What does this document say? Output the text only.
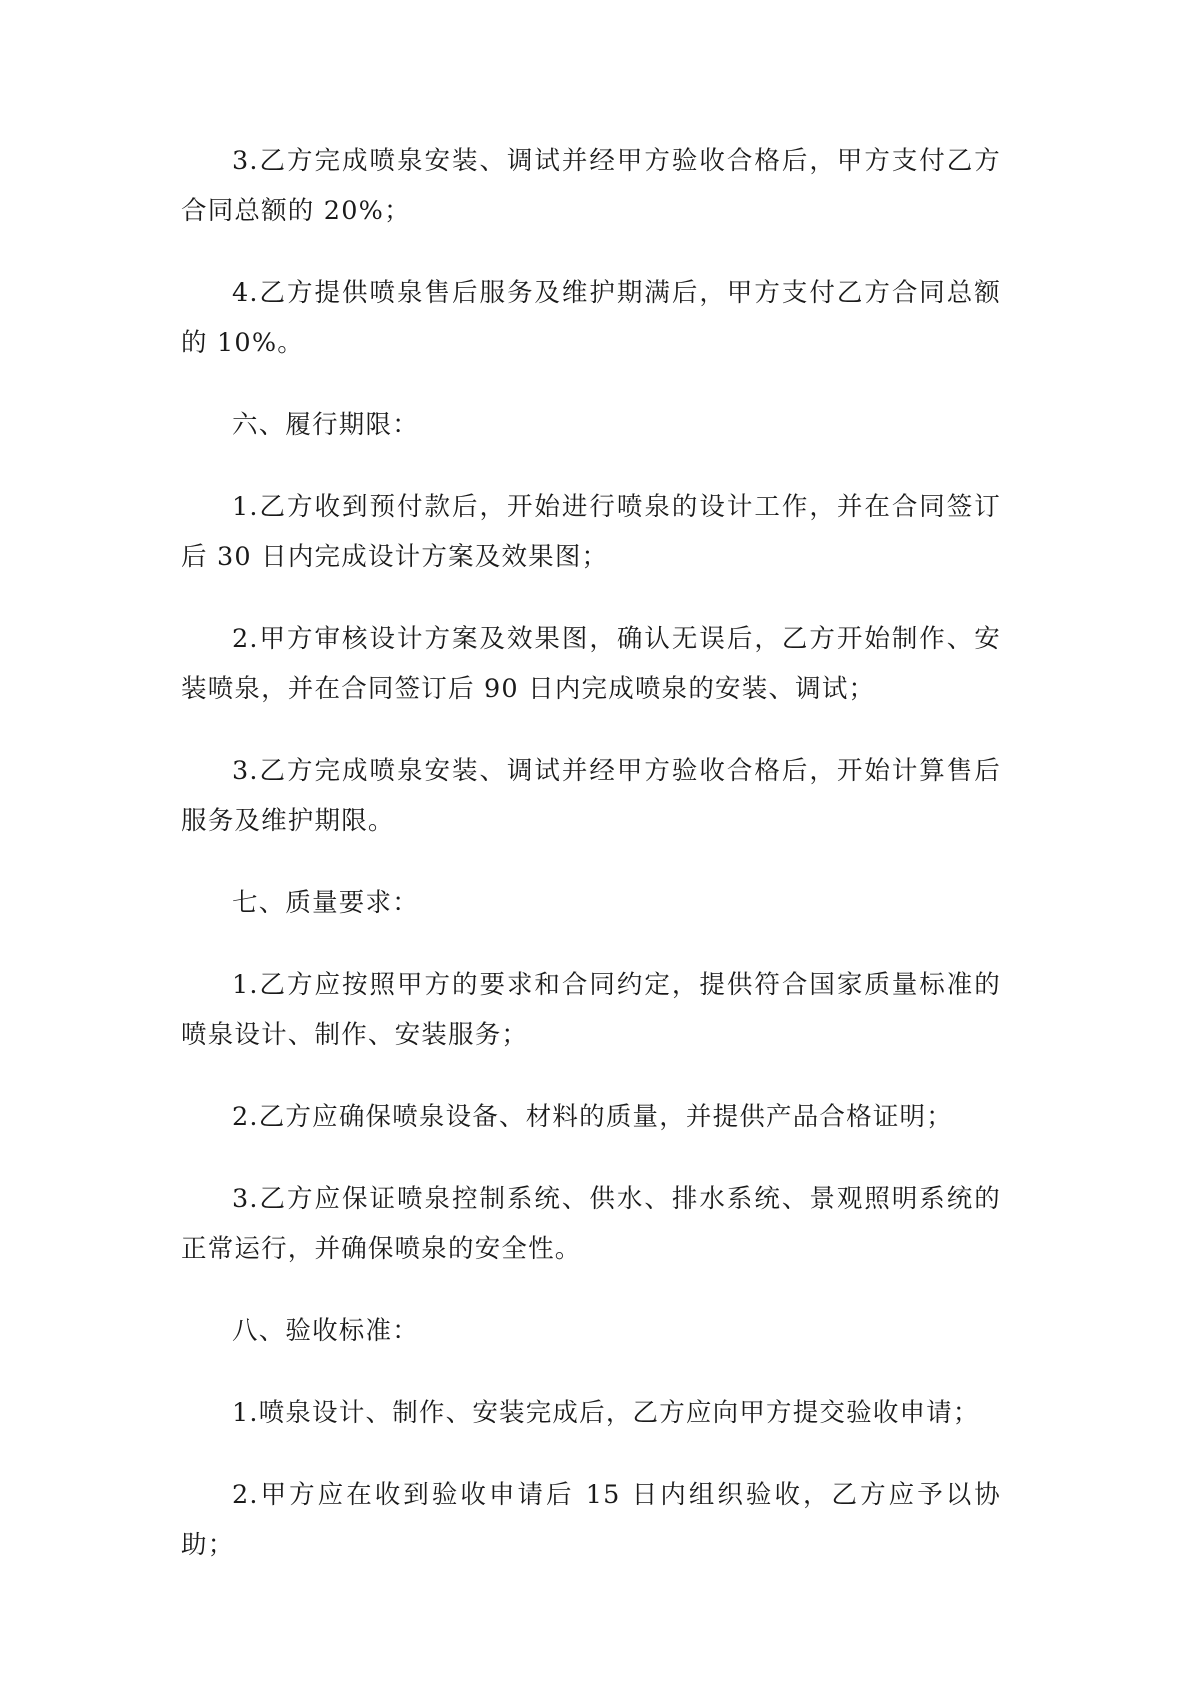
3.乙方完成喷泉安装、调试并经甲方验收合格后，甲方支付乙方合同总额的 20%；

4.乙方提供喷泉售后服务及维护期满后，甲方支付乙方合同总额的 10%。

六、履行期限：

1.乙方收到预付款后，开始进行喷泉的设计工作，并在合同签订后 30 日内完成设计方案及效果图；

2.甲方审核设计方案及效果图，确认无误后，乙方开始制作、安装喷泉，并在合同签订后 90 日内完成喷泉的安装、调试；

3.乙方完成喷泉安装、调试并经甲方验收合格后，开始计算售后服务及维护期限。

七、质量要求：

1.乙方应按照甲方的要求和合同约定，提供符合国家质量标准的喷泉设计、制作、安装服务；

2.乙方应确保喷泉设备、材料的质量，并提供产品合格证明；

3.乙方应保证喷泉控制系统、供水、排水系统、景观照明系统的正常运行，并确保喷泉的安全性。

八、验收标准：

1.喷泉设计、制作、安装完成后，乙方应向甲方提交验收申请；

2.甲方应在收到验收申请后 15 日内组织验收，乙方应予以协助；
